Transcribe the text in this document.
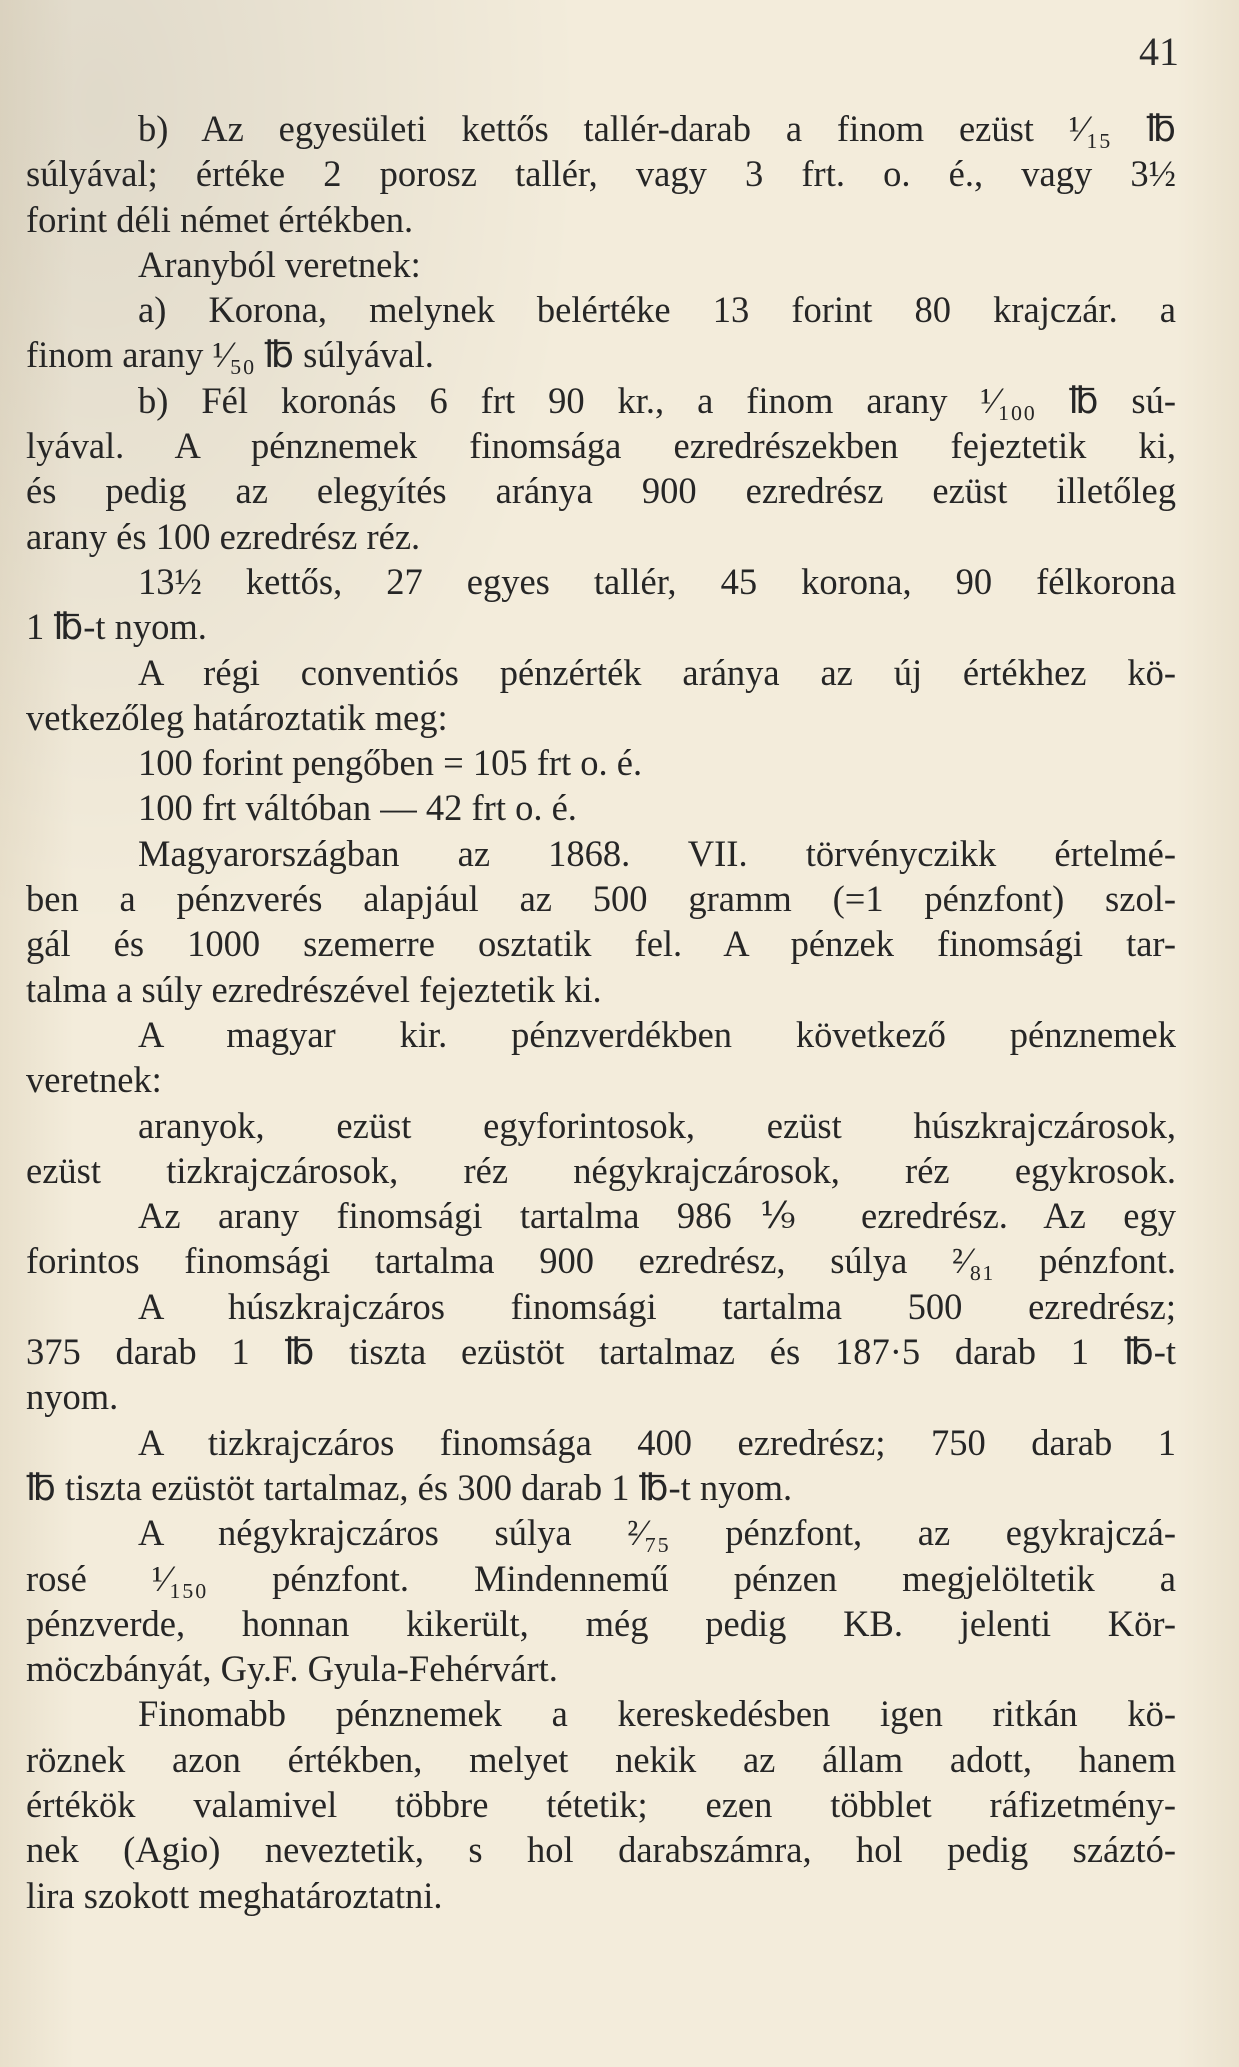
41
b) Az egyesületi kettős tallér-darab a finom ezüst ¹⁄₁₅ ℔
súlyával; értéke 2 porosz tallér, vagy 3 frt. o. é., vagy 3½
forint déli német értékben.
Aranyból veretnek:
a) Korona, melynek belértéke 13 forint 80 krajczár. a
finom arany ¹⁄₅₀ ℔ súlyával.
b) Fél koronás 6 frt 90 kr., a finom arany ¹⁄₁₀₀ ℔ sú-
lyával. A pénznemek finomsága ezredrészekben fejeztetik ki,
és pedig az elegyítés aránya 900 ezredrész ezüst illetőleg
arany és 100 ezredrész réz.
13½ kettős, 27 egyes tallér, 45 korona, 90 félkorona
1 ℔-t nyom.
A régi conventiós pénzérték aránya az új értékhez kö-
vetkezőleg határoztatik meg:
100 forint pengőben = 105 frt o. é.
100 frt váltóban — 42 frt o. é.
Magyarországban az 1868. VII. törvényczikk értelmé-
ben a pénzverés alapjául az 500 gramm (=1 pénzfont) szol-
gál és 1000 szemerre osztatik fel. A pénzek finomsági tar-
talma a súly ezredrészével fejeztetik ki.
A magyar kir. pénzverdékben következő pénznemek
veretnek:
aranyok, ezüst egyforintosok, ezüst húszkrajczárosok,
ezüst tizkrajczárosok, réz négykrajczárosok, réz egykrosok.
Az arany finomsági tartalma 986⅑ ezredrész. Az egy
forintos finomsági tartalma 900 ezredrész, súlya ²⁄₈₁ pénzfont.
A húszkrajczáros finomsági tartalma 500 ezredrész;
375 darab 1 ℔ tiszta ezüstöt tartalmaz és 187·5 darab 1 ℔-t
nyom.
A tizkrajczáros finomsága 400 ezredrész; 750 darab 1
℔ tiszta ezüstöt tartalmaz, és 300 darab 1 ℔-t nyom.
A négykrajczáros súlya ²⁄₇₅ pénzfont, az egykrajczá-
rosé ¹⁄₁₅₀ pénzfont. Mindennemű pénzen megjelöltetik a
pénzverde, honnan kikerült, még pedig KB. jelenti Kör-
möczbányát, Gy.F. Gyula-Fehérvárt.
Finomabb pénznemek a kereskedésben igen ritkán kö-
röznek azon értékben, melyet nekik az állam adott, hanem
értékök valamivel többre tétetik; ezen többlet ráfizetmény-
nek (Agio) neveztetik, s hol darabszámra, hol pedig száztó-
lira szokott meghatároztatni.
